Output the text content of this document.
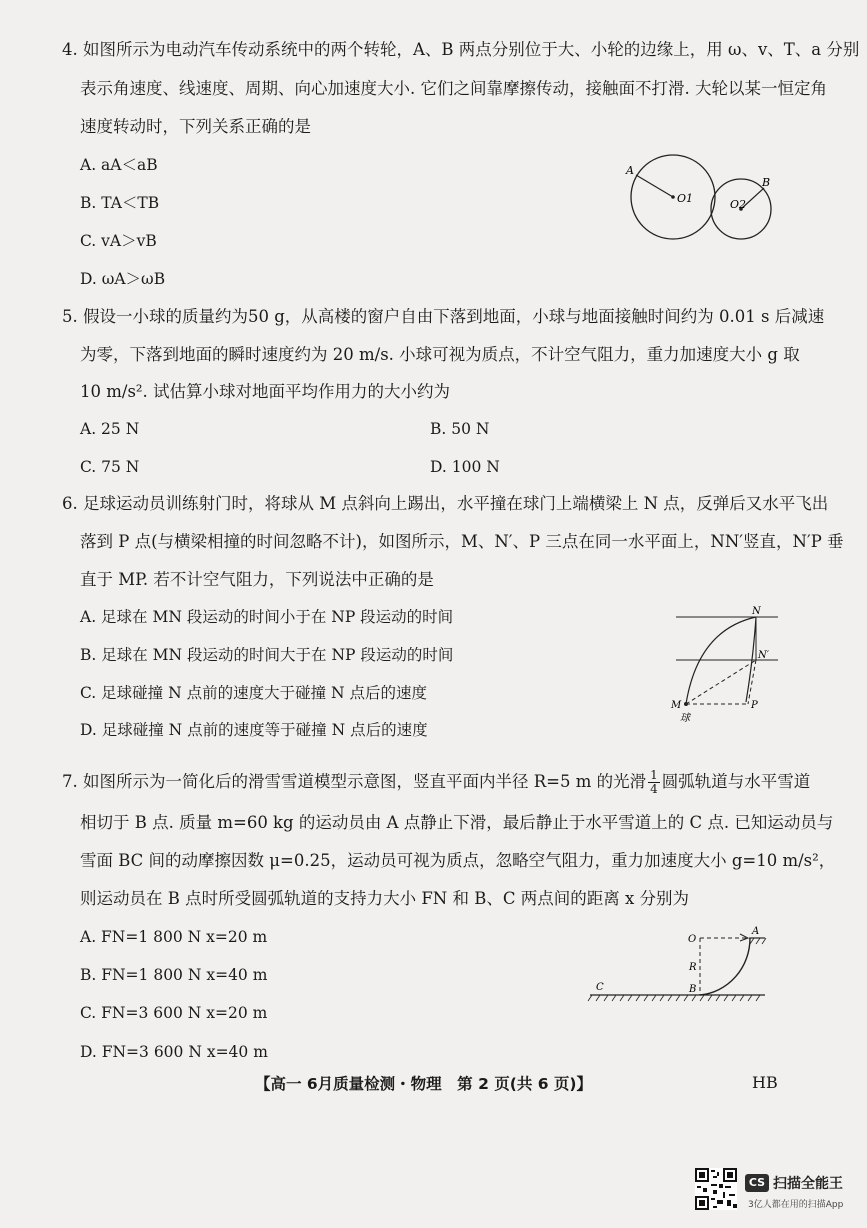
4. 如图所示为电动汽车传动系统中的两个转轮，A、B 两点分别位于大、小轮的边缘上，用 ω、v、T、a 分别
表示角速度、线速度、周期、向心加速度大小. 它们之间靠摩擦传动，接触面不打滑. 大轮以某一恒定角
速度转动时，下列关系正确的是
A. aA＜aB
B. TA＜TB
C. vA＞vB
D. ωA＞ωB
A
O1	O2
B
5. 假设一小球的质量约为50 g，从高楼的窗户自由下落到地面，小球与地面接触时间约为 0.01 s 后减速
为零，下落到地面的瞬时速度约为 20 m/s. 小球可视为质点，不计空气阻力，重力加速度大小 g 取
10 m/s². 试估算小球对地面平均作用力的大小约为
A. 25 N	B. 50 N
C. 75 N	D. 100 N
6. 足球运动员训练射门时，将球从 M 点斜向上踢出，水平撞在球门上端横梁上 N 点，反弹后又水平飞出
落到 P 点(与横梁相撞的时间忽略不计)，如图所示，M、N′、P 三点在同一水平面上，NN′竖直，N′P 垂
直于 MP. 若不计空气阻力，下列说法中正确的是
A. 足球在 MN 段运动的时间小于在 NP 段运动的时间
B. 足球在 MN 段运动的时间大于在 NP 段运动的时间
C. 足球碰撞 N 点前的速度大于碰撞 N 点后的速度
D. 足球碰撞 N 点前的速度等于碰撞 N 点后的速度
N
N′
M
球
P
7. 如图所示为一简化后的滑雪雪道模型示意图，竖直平面内半径 R=5 m 的光滑 $\frac{1}{4}$ 圆弧轨道与水平雪道
相切于 B 点. 质量 m=60 kg 的运动员由 A 点静止下滑，最后静止于水平雪道上的 C 点. 已知运动员与
雪面 BC 间的动摩擦因数 μ=0.25，运动员可视为质点，忽略空气阻力，重力加速度大小 g=10 m/s²，
则运动员在 B 点时所受圆弧轨道的支持力大小 FN 和 B、C 两点间的距离 x 分别为
A. FN=1 800 N x=20 m
B. FN=1 800 N x=40 m
C. FN=3 600 N x=20 m
D. FN=3 600 N x=40 m
O
A
R
C	B
【高一 6月质量检测・物理　第 2 页(共 6 页)】	HB
CS 扫描全能王
3亿人都在用的扫描App
